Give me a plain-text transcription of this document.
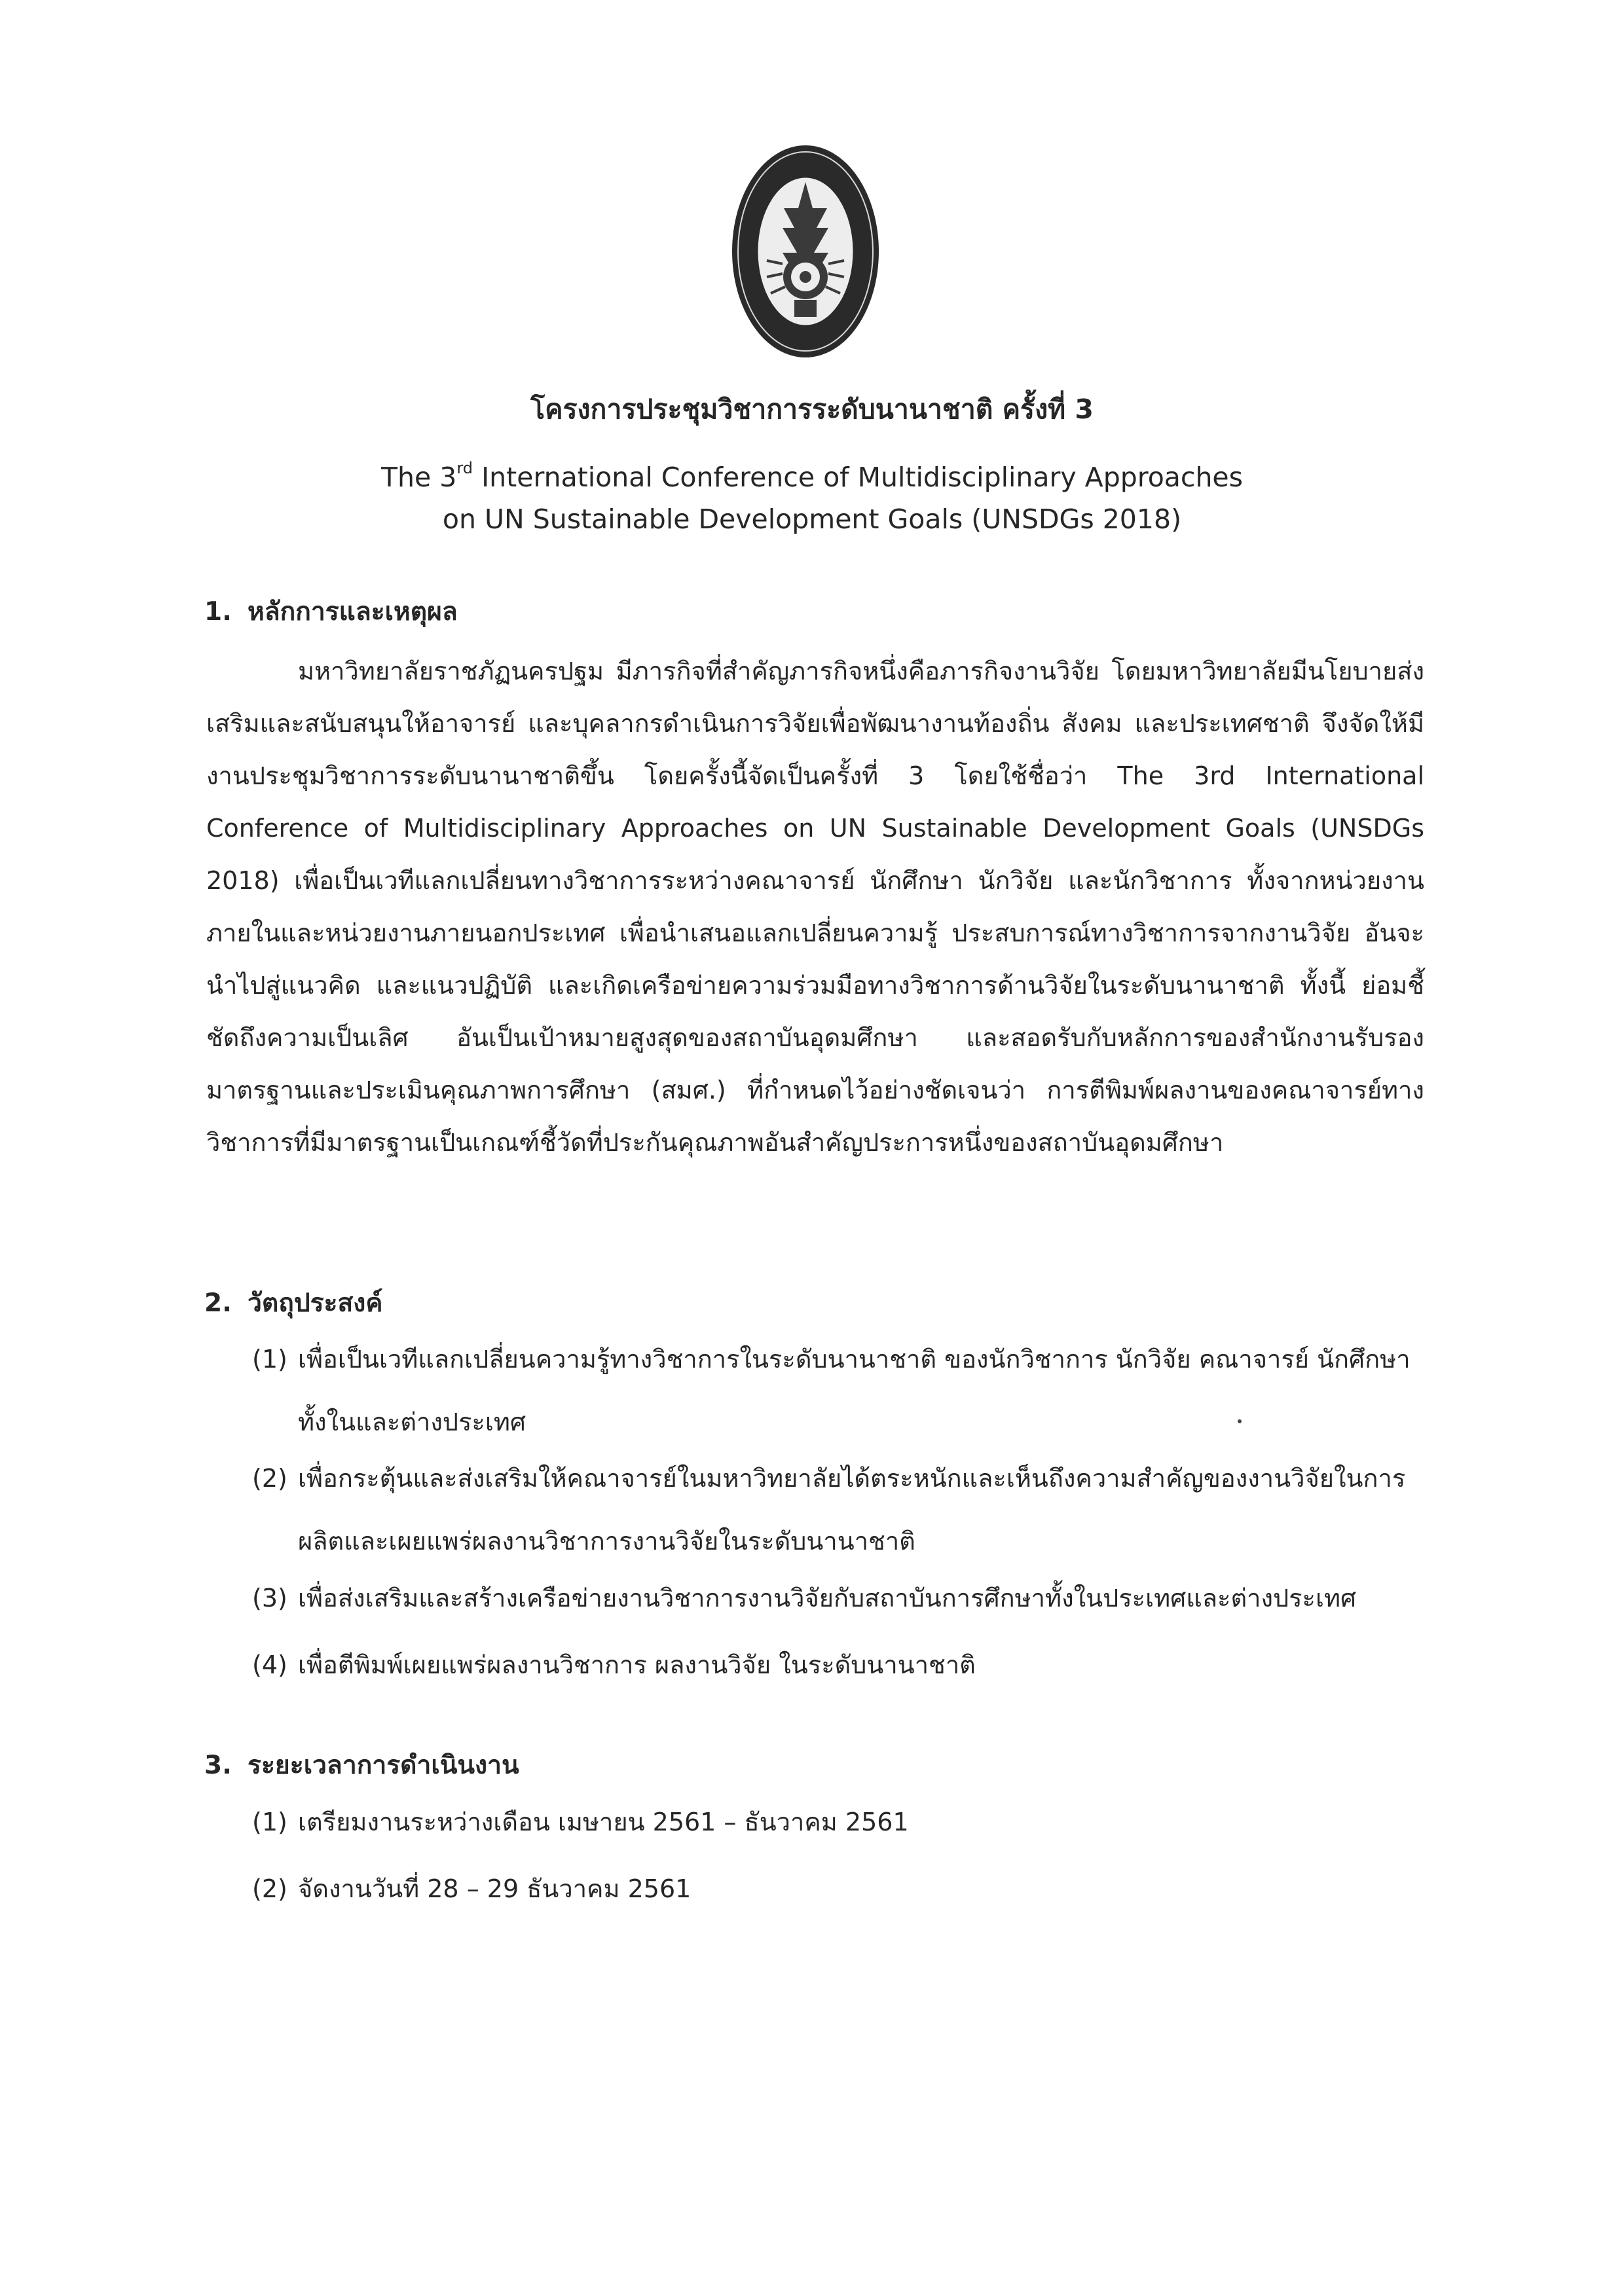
โครงการประชุมวิชาการระดับนานาชาติ ครั้งที่ 3
The 3rd International Conference of Multidisciplinary Approaches
on UN Sustainable Development Goals (UNSDGs 2018)
1. หลักการและเหตุผล
มหาวิทยาลัยราชภัฏนครปฐม มีภารกิจที่สำคัญภารกิจหนึ่งคือภารกิจงานวิจัย โดยมหาวิทยาลัยมีนโยบายส่งเสริมและสนับสนุนให้อาจารย์ และบุคลากรดำเนินการวิจัยเพื่อพัฒนางานท้องถิ่น สังคม และประเทศชาติ จึงจัดให้มีงานประชุมวิชาการระดับนานาชาติขึ้น โดยครั้งนี้จัดเป็นครั้งที่ 3 โดยใช้ชื่อว่า The 3rd International Conference of Multidisciplinary Approaches on UN Sustainable Development Goals (UNSDGs 2018) เพื่อเป็นเวทีแลกเปลี่ยนทางวิชาการระหว่างคณาจารย์ นักศึกษา นักวิจัย และนักวิชาการ ทั้งจากหน่วยงานภายในและหน่วยงานภายนอกประเทศ เพื่อนำเสนอแลกเปลี่ยนความรู้ ประสบการณ์ทางวิชาการจากงานวิจัย อันจะนำไปสู่แนวคิด และแนวปฏิบัติ และเกิดเครือข่ายความร่วมมือทางวิชาการด้านวิจัยในระดับนานาชาติ ทั้งนี้ ย่อมชี้ชัดถึงความเป็นเลิศ อันเป็นเป้าหมายสูงสุดของสถาบันอุดมศึกษา และสอดรับกับหลักการของสำนักงานรับรองมาตรฐานและประเมินคุณภาพการศึกษา (สมศ.) ที่กำหนดไว้อย่างชัดเจนว่า การตีพิมพ์ผลงานของคณาจารย์ทางวิชาการที่มีมาตรฐานเป็นเกณฑ์ชี้วัดที่ประกันคุณภาพอันสำคัญประการหนึ่งของสถาบันอุดมศึกษา
2. วัตถุประสงค์
(1) เพื่อเป็นเวทีแลกเปลี่ยนความรู้ทางวิชาการในระดับนานาชาติ ของนักวิชาการ นักวิจัย คณาจารย์ นักศึกษา ทั้งในและต่างประเทศ
(2) เพื่อกระตุ้นและส่งเสริมให้คณาจารย์ในมหาวิทยาลัยได้ตระหนักและเห็นถึงความสำคัญของงานวิจัยในการผลิตและเผยแพร่ผลงานวิชาการงานวิจัยในระดับนานาชาติ
(3) เพื่อส่งเสริมและสร้างเครือข่ายงานวิชาการงานวิจัยกับสถาบันการศึกษาทั้งในประเทศและต่างประเทศ
(4) เพื่อตีพิมพ์เผยแพร่ผลงานวิชาการ ผลงานวิจัย ในระดับนานาชาติ
3. ระยะเวลาการดำเนินงาน
(1) เตรียมงานระหว่างเดือน เมษายน 2561 – ธันวาคม 2561
(2) จัดงานวันที่ 28 – 29 ธันวาคม 2561
